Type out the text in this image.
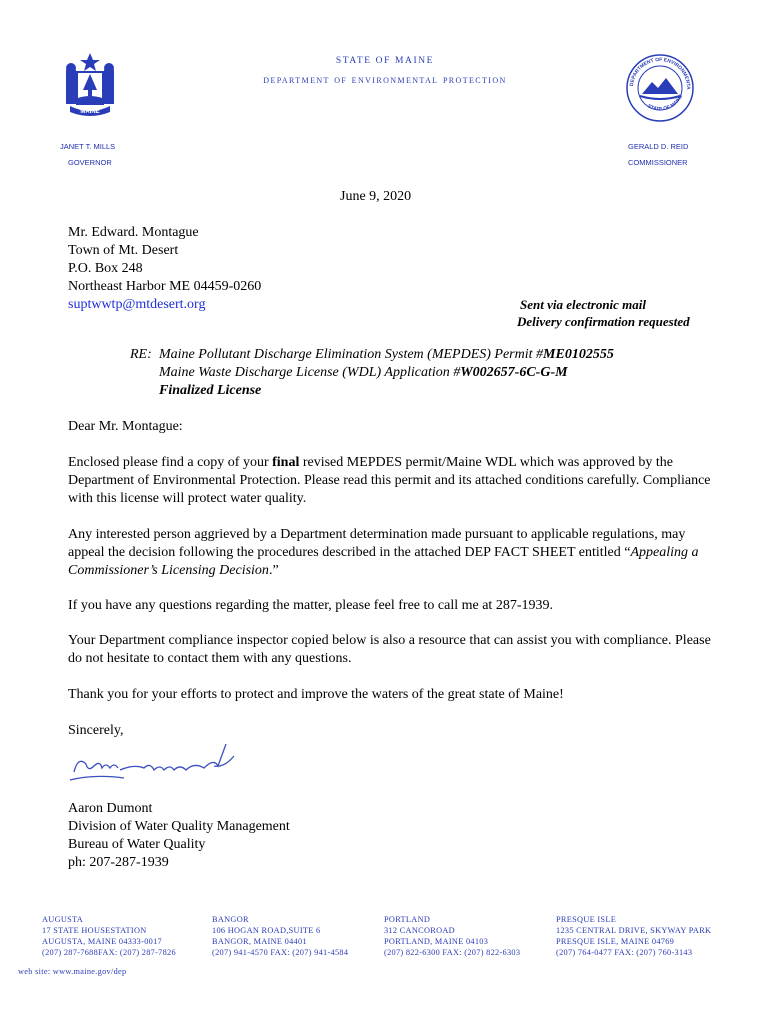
MAINE
STATE OF MAINE
department of environmental protection	DEPARTMENT OF ENVIRONMENTA
STATE OF MAINE
JANET T. MILLS
GOVERNOR
GERALD D. REID
COMMISSIONER
June 9, 2020
Mr. Edward. Montague
Town of Mt. Desert
P.O. Box 248
Northeast Harbor ME 04459-0260
suptwwtp@mtdesert.org	Sent via electronic mail
Delivery confirmation requested
RE: Maine Pollutant Discharge Elimination System (MEPDES) Permit #ME0102555
Maine Waste Discharge License (WDL) Application #W002657-6C-G-M
Finalized License
Dear Mr. Montague:
Enclosed please find a copy of your final revised MEPDES permit/Maine WDL which was approved by the Department of Environmental Protection. Please read this permit and its attached conditions carefully. Compliance with this license will protect water quality.
Any interested person aggrieved by a Department determination made pursuant to applicable regulations, may appeal the decision following the procedures described in the attached DEP FACT SHEET entitled “Appealing a Commissioner’s Licensing Decision.”
If you have any questions regarding the matter, please feel free to call me at 287-1939.
Your Department compliance inspector copied below is also a resource that can assist you with compliance. Please do not hesitate to contact them with any questions.
Thank you for your efforts to protect and improve the waters of the great state of Maine!
Sincerely,
Aaron Dumont
Division of Water Quality Management
Bureau of Water Quality
ph: 207-287-1939
AUGUSTA
17 STATE HOUSESTATION
AUGUSTA, MAINE 04333-0017
(207) 287-7688FAX: (207) 287-7826
BANGOR
106 HOGAN ROAD,SUITE 6
BANGOR, MAINE 04401
(207) 941-4570 FAX: (207) 941-4584
PORTLAND
312 CANCOROAD
PORTLAND, MAINE 04103
(207) 822-6300 FAX: (207) 822-6303
PRESQUE ISLE
1235 CENTRAL DRIVE, SKYWAY PARK
PRESQUE ISLE, MAINE 04769
(207) 764-0477 FAX: (207) 760-3143
web site: www.maine.gov/dep
